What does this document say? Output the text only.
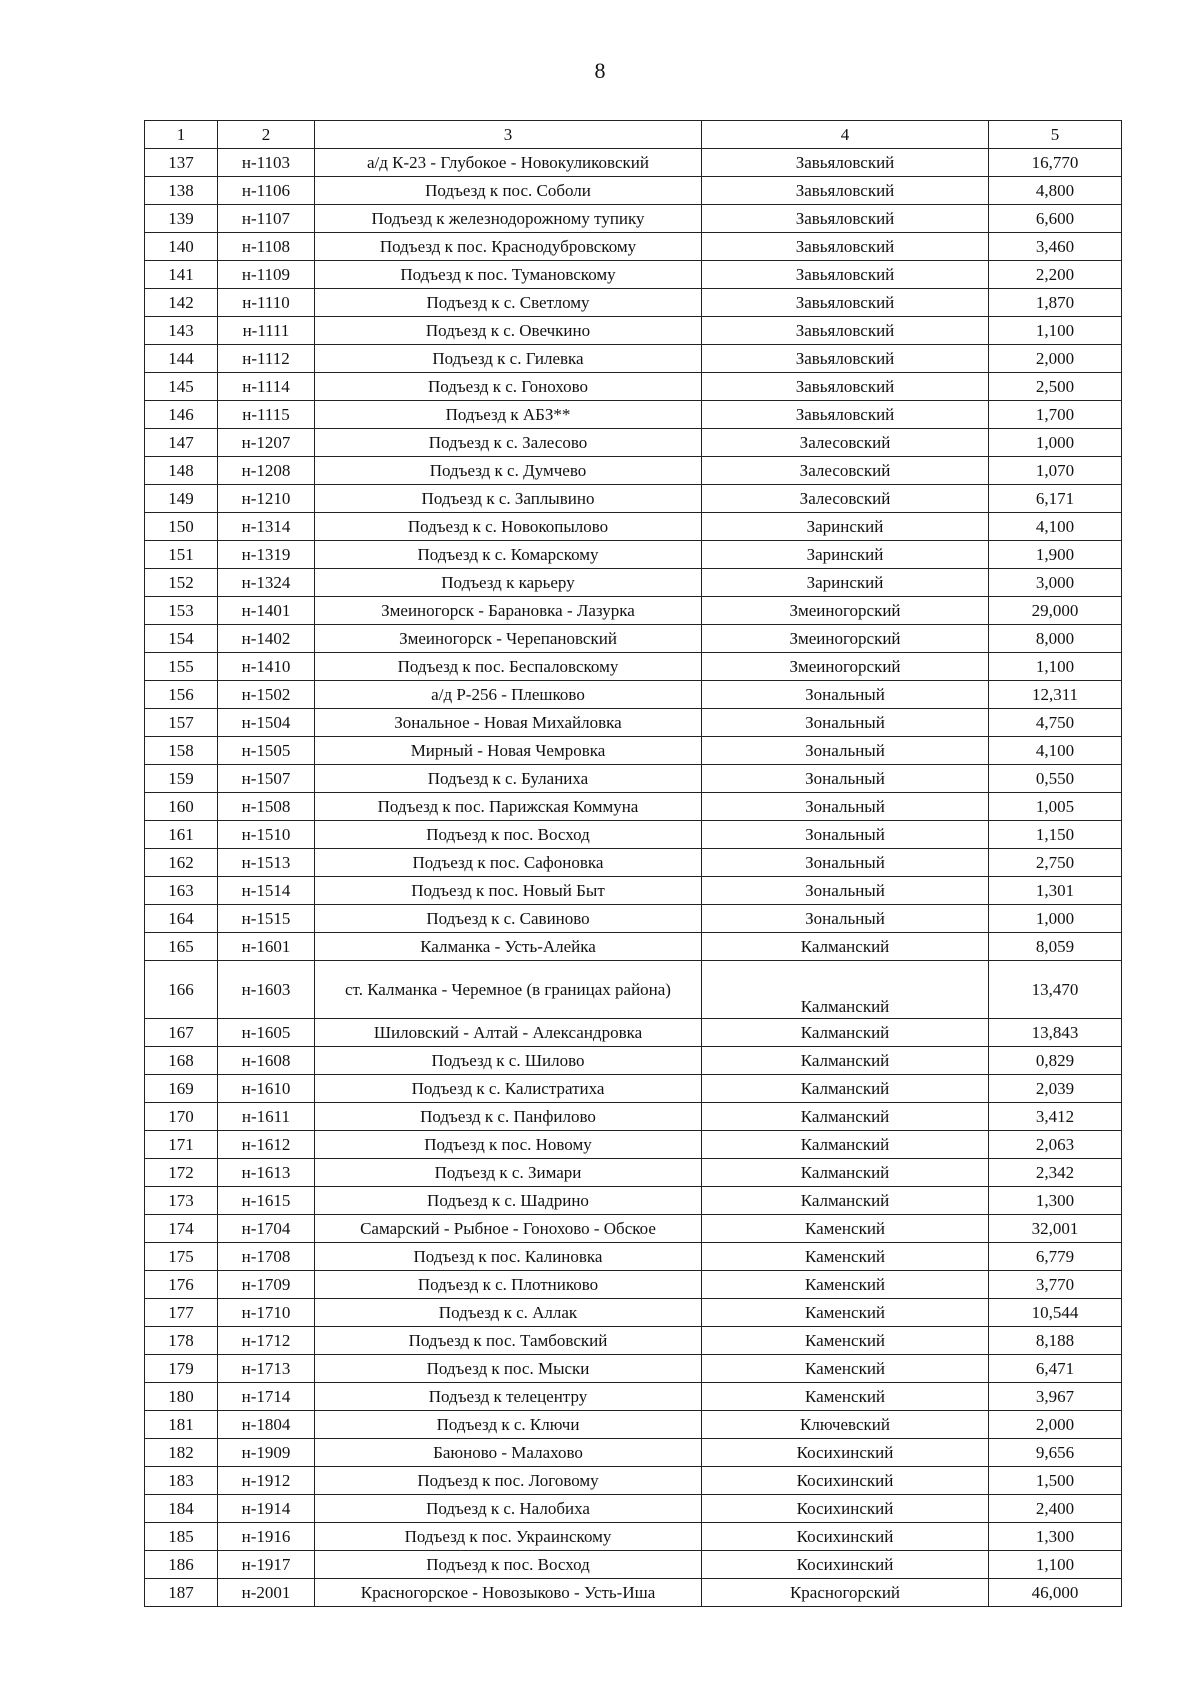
8
1	2	3	4	5
137	н-1103	а/д К-23 - Глубокое - Новокуликовский	Завьяловский	16,770
138	н-1106	Подъезд к пос. Соболи	Завьяловский	4,800
139	н-1107	Подъезд к железнодорожному тупику	Завьяловский	6,600
140	н-1108	Подъезд к пос. Краснодубровскому	Завьяловский	3,460
141	н-1109	Подъезд к пос. Тумановскому	Завьяловский	2,200
142	н-1110	Подъезд к с. Светлому	Завьяловский	1,870
143	н-1111	Подъезд к с. Овечкино	Завьяловский	1,100
144	н-1112	Подъезд к с. Гилевка	Завьяловский	2,000
145	н-1114	Подъезд к с. Гонохово	Завьяловский	2,500
146	н-1115	Подъезд к АБЗ**	Завьяловский	1,700
147	н-1207	Подъезд к с. Залесово	Залесовский	1,000
148	н-1208	Подъезд к с. Думчево	Залесовский	1,070
149	н-1210	Подъезд к с. Заплывино	Залесовский	6,171
150	н-1314	Подъезд к с. Новокопылово	Заринский	4,100
151	н-1319	Подъезд к с. Комарскому	Заринский	1,900
152	н-1324	Подъезд к карьеру	Заринский	3,000
153	н-1401	Змеиногорск - Барановка - Лазурка	Змеиногорский	29,000
154	н-1402	Змеиногорск - Черепановский	Змеиногорский	8,000
155	н-1410	Подъезд к пос. Беспаловскому	Змеиногорский	1,100
156	н-1502	а/д Р-256 - Плешково	Зональный	12,311
157	н-1504	Зональное - Новая Михайловка	Зональный	4,750
158	н-1505	Мирный - Новая Чемровка	Зональный	4,100
159	н-1507	Подъезд к с. Буланиха	Зональный	0,550
160	н-1508	Подъезд к пос. Парижская Коммуна	Зональный	1,005
161	н-1510	Подъезд к пос. Восход	Зональный	1,150
162	н-1513	Подъезд к пос. Сафоновка	Зональный	2,750
163	н-1514	Подъезд к пос. Новый Быт	Зональный	1,301
164	н-1515	Подъезд к с. Савиново	Зональный	1,000
165	н-1601	Калманка - Усть-Алейка	Калманский	8,059
166	н-1603	ст. Калманка - Черемное (в границах района)	Калманский	13,470
167	н-1605	Шиловский - Алтай - Александровка	Калманский	13,843
168	н-1608	Подъезд к с. Шилово	Калманский	0,829
169	н-1610	Подъезд к с. Калистратиха	Калманский	2,039
170	н-1611	Подъезд к с. Панфилово	Калманский	3,412
171	н-1612	Подъезд к пос. Новому	Калманский	2,063
172	н-1613	Подъезд к с. Зимари	Калманский	2,342
173	н-1615	Подъезд к с. Шадрино	Калманский	1,300
174	н-1704	Самарский - Рыбное - Гонохово - Обское	Каменский	32,001
175	н-1708	Подъезд к пос. Калиновка	Каменский	6,779
176	н-1709	Подъезд к с. Плотниково	Каменский	3,770
177	н-1710	Подъезд к с. Аллак	Каменский	10,544
178	н-1712	Подъезд к пос. Тамбовский	Каменский	8,188
179	н-1713	Подъезд к пос. Мыски	Каменский	6,471
180	н-1714	Подъезд к телецентру	Каменский	3,967
181	н-1804	Подъезд к с. Ключи	Ключевский	2,000
182	н-1909	Баюново - Малахово	Косихинский	9,656
183	н-1912	Подъезд к пос. Логовому	Косихинский	1,500
184	н-1914	Подъезд к с. Налобиха	Косихинский	2,400
185	н-1916	Подъезд к пос. Украинскому	Косихинский	1,300
186	н-1917	Подъезд к пос. Восход	Косихинский	1,100
187	н-2001	Красногорское - Новозыково - Усть-Иша	Красногорский	46,000
